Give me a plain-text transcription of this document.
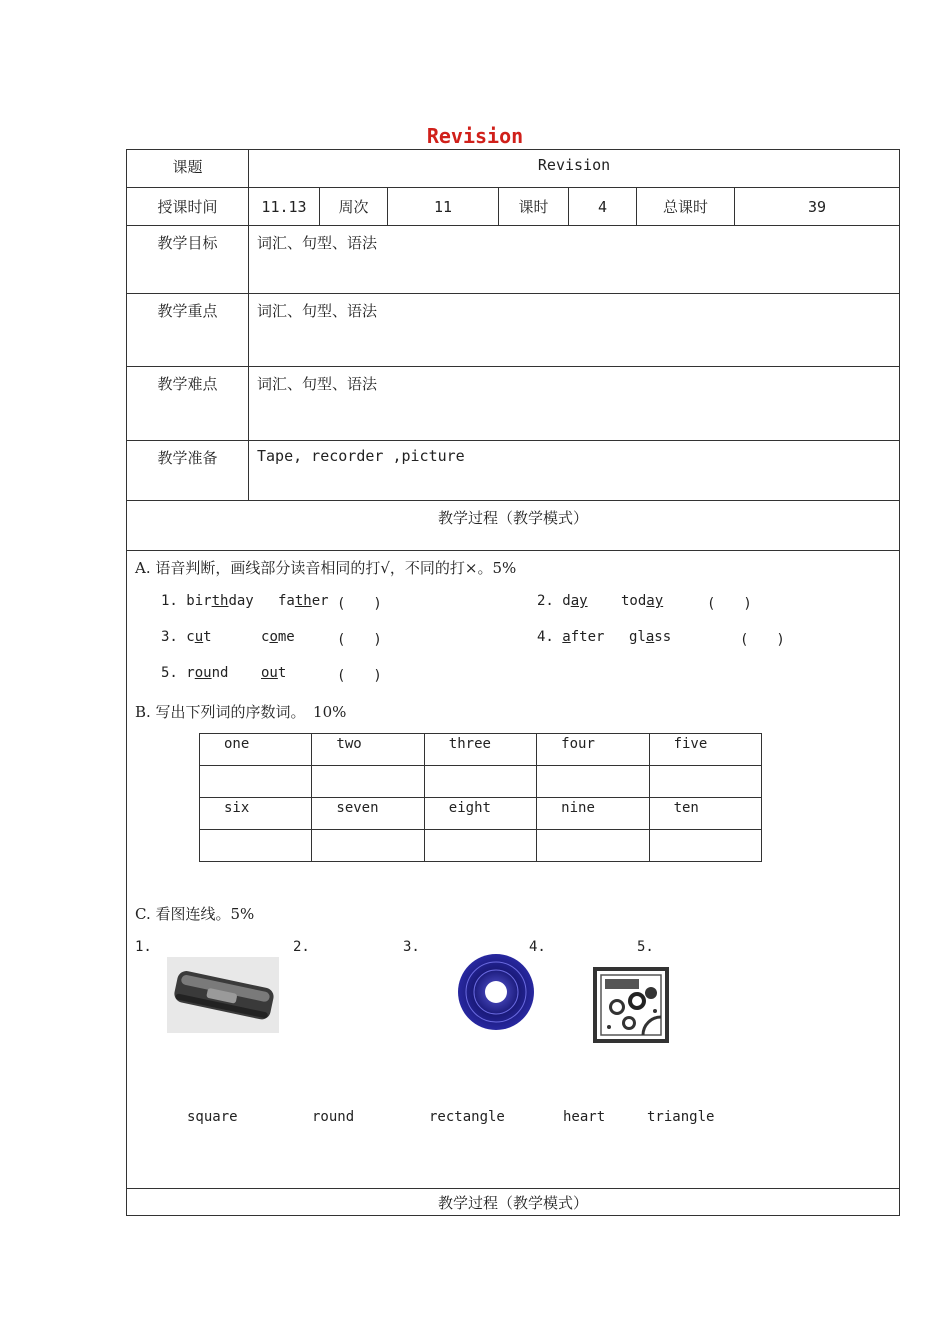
Revision
课题	Revision
授课时间	11.13	周次	11	课时	4	总课时	39
教学目标	词汇、句型、语法
教学重点	词汇、句型、语法
教学难点	词汇、句型、语法
教学准备	Tape, recorder ,picture
教学过程（教学模式）

A. 语音判断，画线部分读音相同的打√，不同的打×。5%
1. birthday father (　　)	2. day today	(　　)
3. cut	come	(　　)	4. after glass	(　　)
5. round out	(　　)
B. 写出下列词的序数词。　10%
one	two	three	four	five

six	seven	eight	nine	ten

C. 看图连线。5%
1.	2.	3.	4.	5.
square	round	rectangle	heart	triangle

教学过程（教学模式）
